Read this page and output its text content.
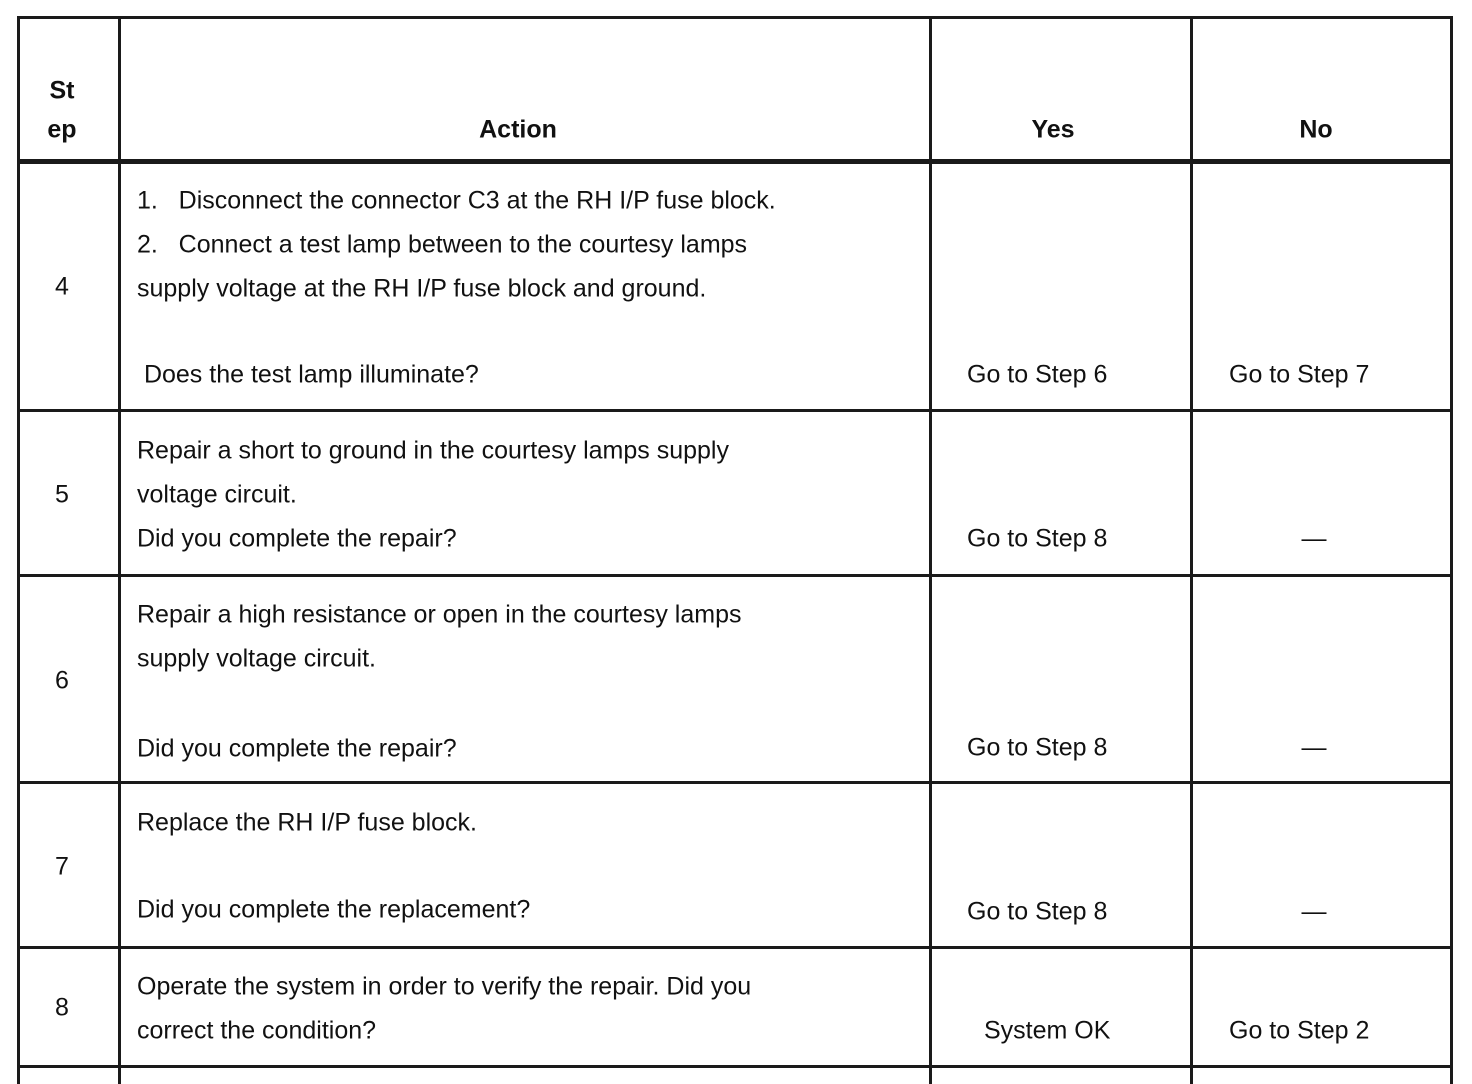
St
ep	Action	Yes	No
4
1.   Disconnect the connector C3 at the RH I/P fuse block.
2.   Connect a test lamp between to the courtesy lamps
supply voltage at the RH I/P fuse block and ground.
Does the test lamp illuminate?	Go to Step 6	Go to Step 7
5
Repair a short to ground in the courtesy lamps supply
voltage circuit.
Did you complete the repair?	Go to Step 8	—
6
Repair a high resistance or open in the courtesy lamps
supply voltage circuit.
Did you complete the repair?	Go to Step 8	—
7
Replace the RH I/P fuse block.
Did you complete the replacement?	Go to Step 8	—
8
Operate the system in order to verify the repair. Did you
correct the condition?	System OK	Go to Step 2
